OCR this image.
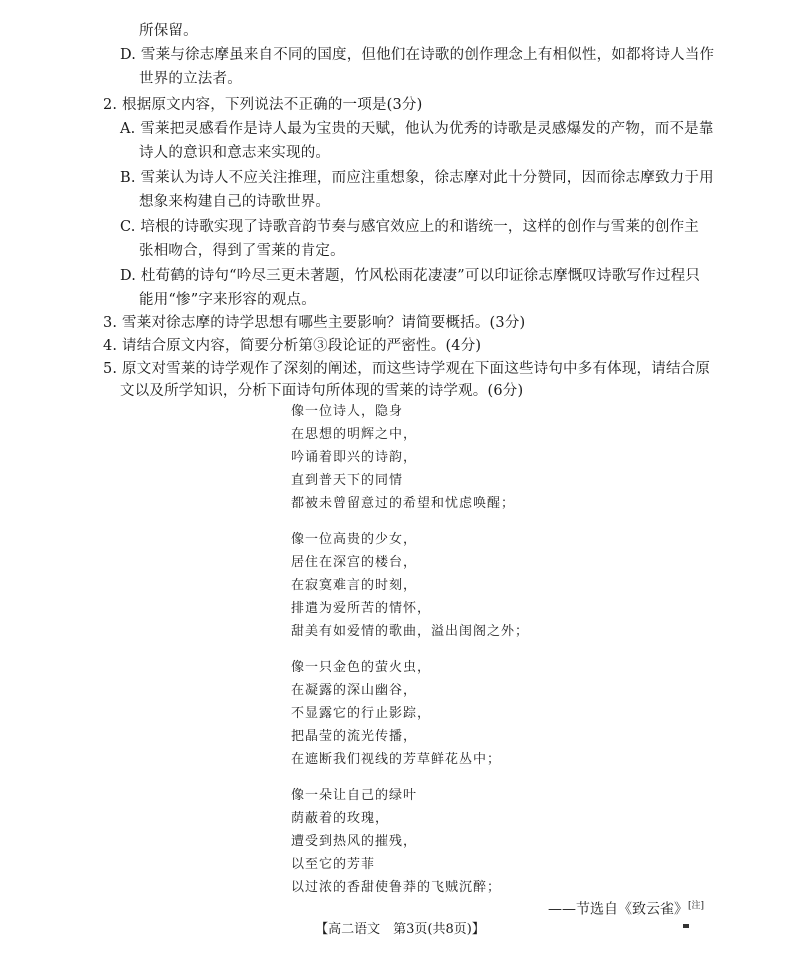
所保留。
D. 雪莱与徐志摩虽来自不同的国度，但他们在诗歌的创作理念上有相似性，如都将诗人当作
世界的立法者。
2. 根据原文内容，下列说法不正确的一项是(3分)
A. 雪莱把灵感看作是诗人最为宝贵的天赋，他认为优秀的诗歌是灵感爆发的产物，而不是靠
诗人的意识和意志来实现的。
B. 雪莱认为诗人不应关注推理，而应注重想象，徐志摩对此十分赞同，因而徐志摩致力于用
想象来构建自己的诗歌世界。
C. 培根的诗歌实现了诗歌音韵节奏与感官效应上的和谐统一，这样的创作与雪莱的创作主
张相吻合，得到了雪莱的肯定。
D. 杜荀鹤的诗句“吟尽三更未著题，竹风松雨花凄凄”可以印证徐志摩慨叹诗歌写作过程只
能用“惨”字来形容的观点。
3. 雪莱对徐志摩的诗学思想有哪些主要影响？请简要概括。(3分)
4. 请结合原文内容，简要分析第③段论证的严密性。(4分)
5. 原文对雪莱的诗学观作了深刻的阐述，而这些诗学观在下面这些诗句中多有体现，请结合原
文以及所学知识，分析下面诗句所体现的雪莱的诗学观。(6分)
像一位诗人，隐身
在思想的明辉之中，
吟诵着即兴的诗韵，
直到普天下的同情
都被未曾留意过的希望和忧虑唤醒；
像一位高贵的少女，
居住在深宫的楼台，
在寂寞难言的时刻，
排遣为爱所苦的情怀，
甜美有如爱情的歌曲，溢出闺阁之外；
像一只金色的萤火虫，
在凝露的深山幽谷，
不显露它的行止影踪，
把晶莹的流光传播，
在遮断我们视线的芳草鲜花丛中；
像一朵让自己的绿叶
荫蔽着的玫瑰，
遭受到热风的摧残，
以至它的芳菲
以过浓的香甜使鲁莽的飞贼沉醉；
——节选自《致云雀》[注]
【高二语文　第3页(共8页)】
